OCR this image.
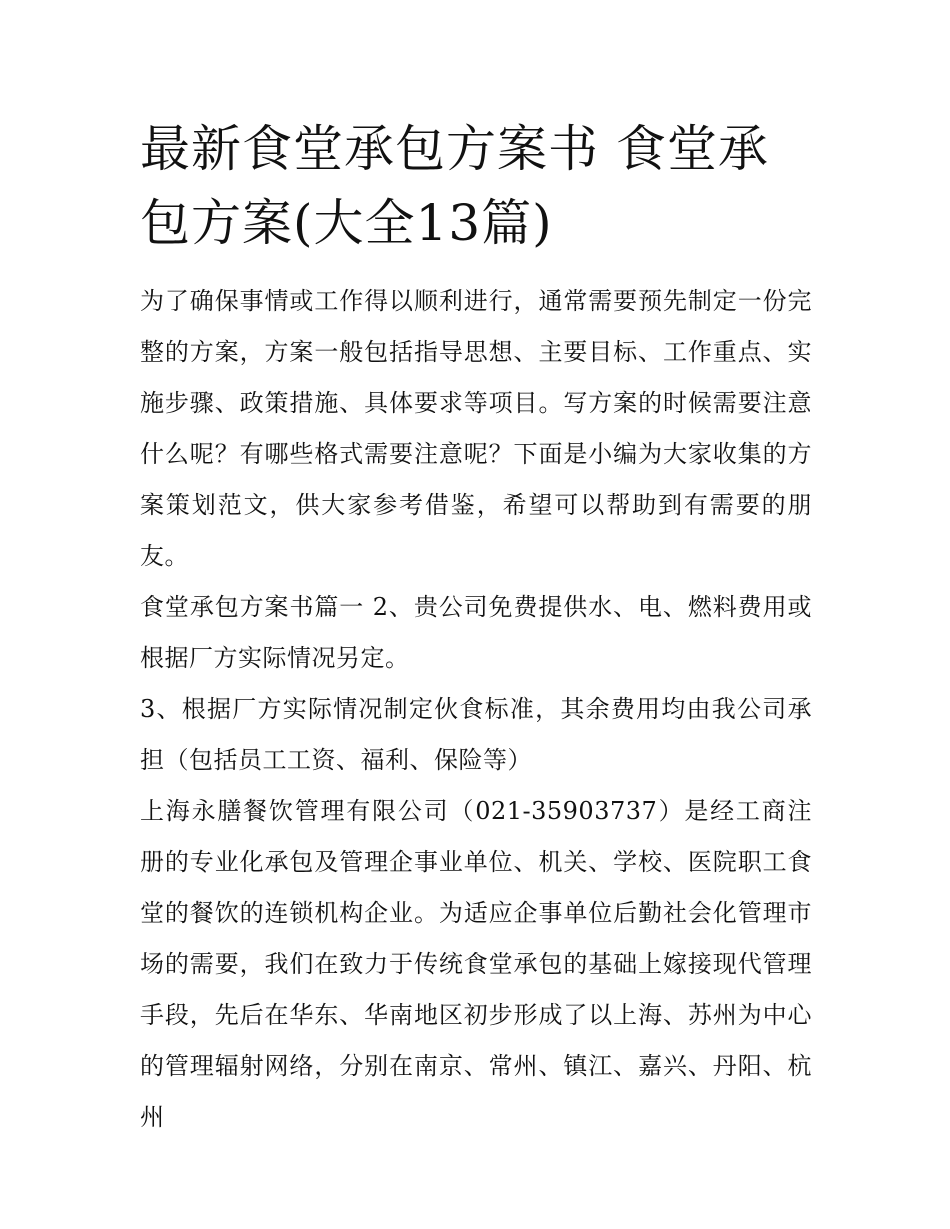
最新食堂承包方案书 食堂承包方案(大全13篇)

为了确保事情或工作得以顺利进行，通常需要预先制定一份完整的方案，方案一般包括指导思想、主要目标、工作重点、实施步骤、政策措施、具体要求等项目。写方案的时候需要注意什么呢？有哪些格式需要注意呢？下面是小编为大家收集的方案策划范文，供大家参考借鉴，希望可以帮助到有需要的朋友。

食堂承包方案书篇一 2、贵公司免费提供水、电、燃料费用或根据厂方实际情况另定。

3、根据厂方实际情况制定伙食标准，其余费用均由我公司承担（包括员工工资、福利、保险等）

上海永膳餐饮管理有限公司（021-35903737）是经工商注册的专业化承包及管理企事业单位、机关、学校、医院职工食堂的餐饮的连锁机构企业。为适应企事单位后勤社会化管理市场的需要，我们在致力于传统食堂承包的基础上嫁接现代管理手段，先后在华东、华南地区初步形成了以上海、苏州为中心的管理辐射网络，分别在南京、常州、镇江、嘉兴、丹阳、杭州
